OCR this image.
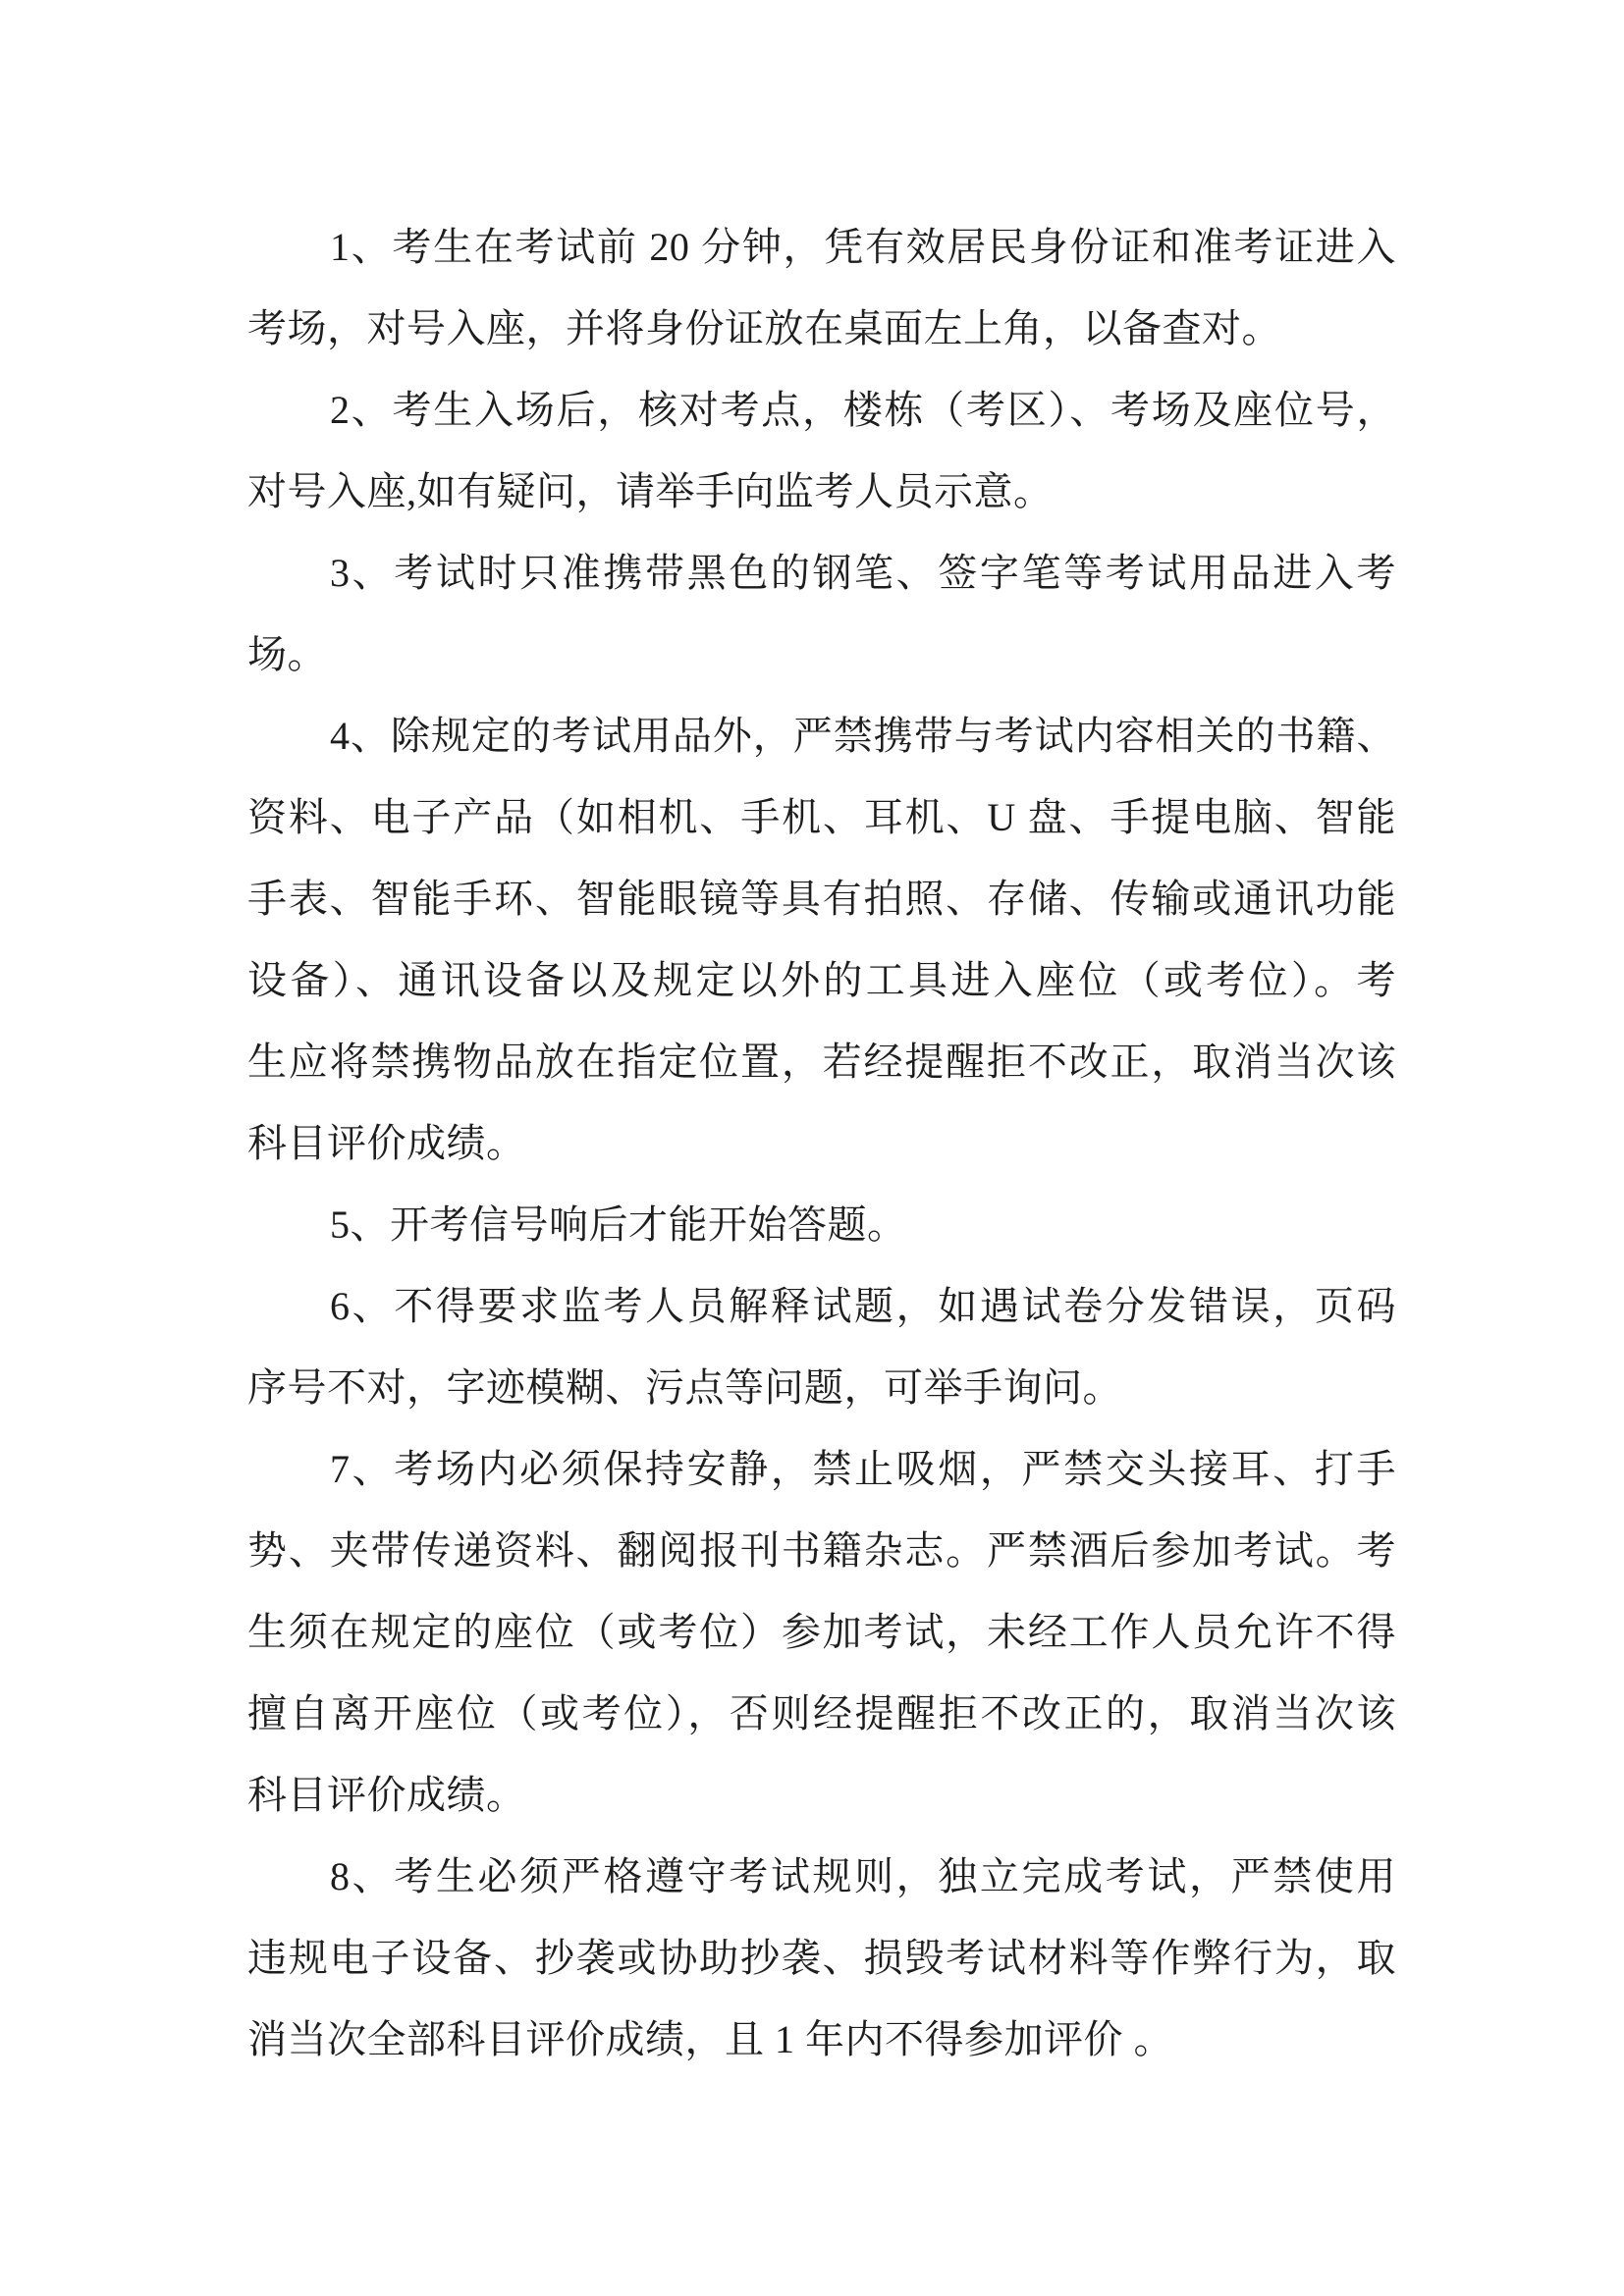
1、考生在考试前 20 分钟，凭有效居民身份证和准考证进入
考场，对号入座，并将身份证放在桌面左上角，以备查对。
2、考生入场后，核对考点，楼栋（考区）、考场及座位号，
对号入座,如有疑问，请举手向监考人员示意。
3、考试时只准携带黑色的钢笔、签字笔等考试用品进入考
场。
4、除规定的考试用品外，严禁携带与考试内容相关的书籍、
资料、电子产品（如相机、手机、耳机、U 盘、手提电脑、智能
手表、智能手环、智能眼镜等具有拍照、存储、传输或通讯功能
设备）、通讯设备以及规定以外的工具进入座位（或考位）。考
生应将禁携物品放在指定位置，若经提醒拒不改正，取消当次该
科目评价成绩。
5、开考信号响后才能开始答题。
6、不得要求监考人员解释试题，如遇试卷分发错误，页码
序号不对，字迹模糊、污点等问题，可举手询问。
7、考场内必须保持安静，禁止吸烟，严禁交头接耳、打手
势、夹带传递资料、翻阅报刊书籍杂志。严禁酒后参加考试。考
生须在规定的座位（或考位）参加考试，未经工作人员允许不得
擅自离开座位（或考位），否则经提醒拒不改正的，取消当次该
科目评价成绩。
8、考生必须严格遵守考试规则，独立完成考试，严禁使用
违规电子设备、抄袭或协助抄袭、损毁考试材料等作弊行为，取
消当次全部科目评价成绩，且 1 年内不得参加评价 。
